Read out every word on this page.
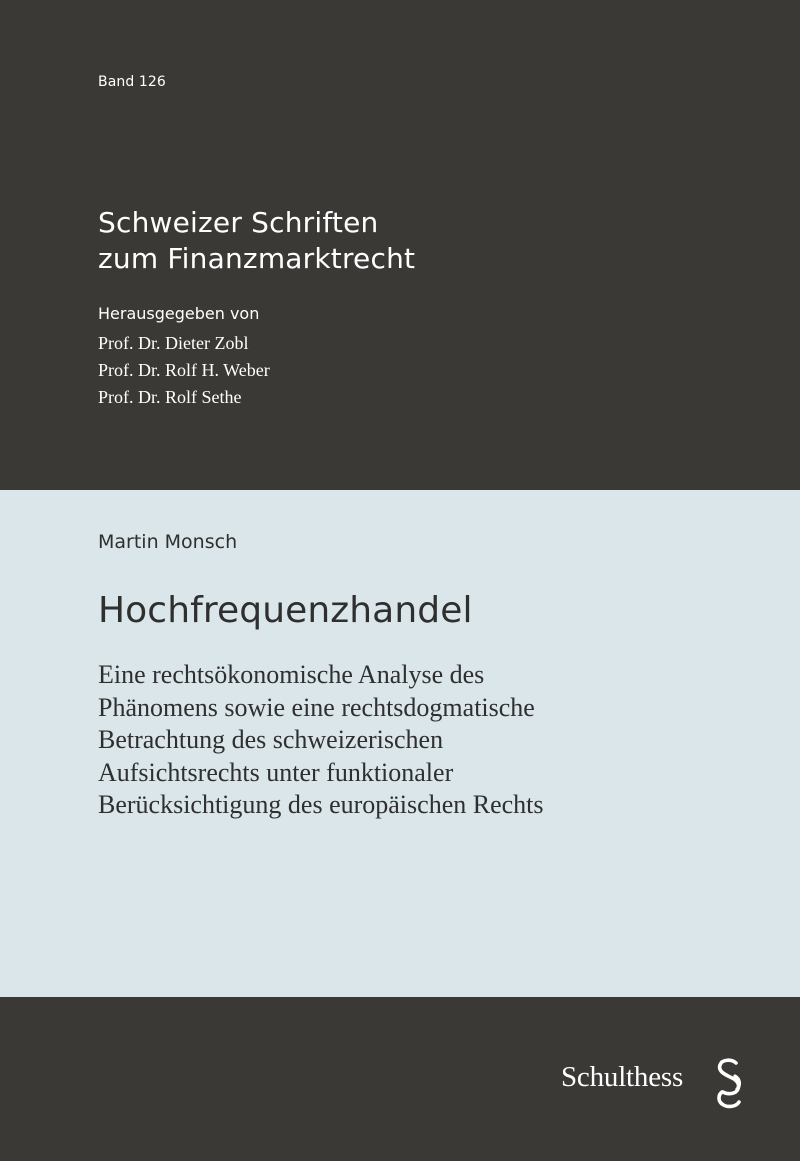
Band 126
Schweizer Schriften
zum Finanzmarktrecht
Herausgegeben von
Prof. Dr. Dieter Zobl
Prof. Dr. Rolf H. Weber
Prof. Dr. Rolf Sethe
Martin Monsch
Hochfrequenzhandel
Eine rechtsökonomische Analyse des
Phänomens sowie eine rechtsdogmatische
Betrachtung des schweizerischen
Aufsichtsrechts unter funktionaler
Berücksichtigung des europäischen Rechts
Schulthess
